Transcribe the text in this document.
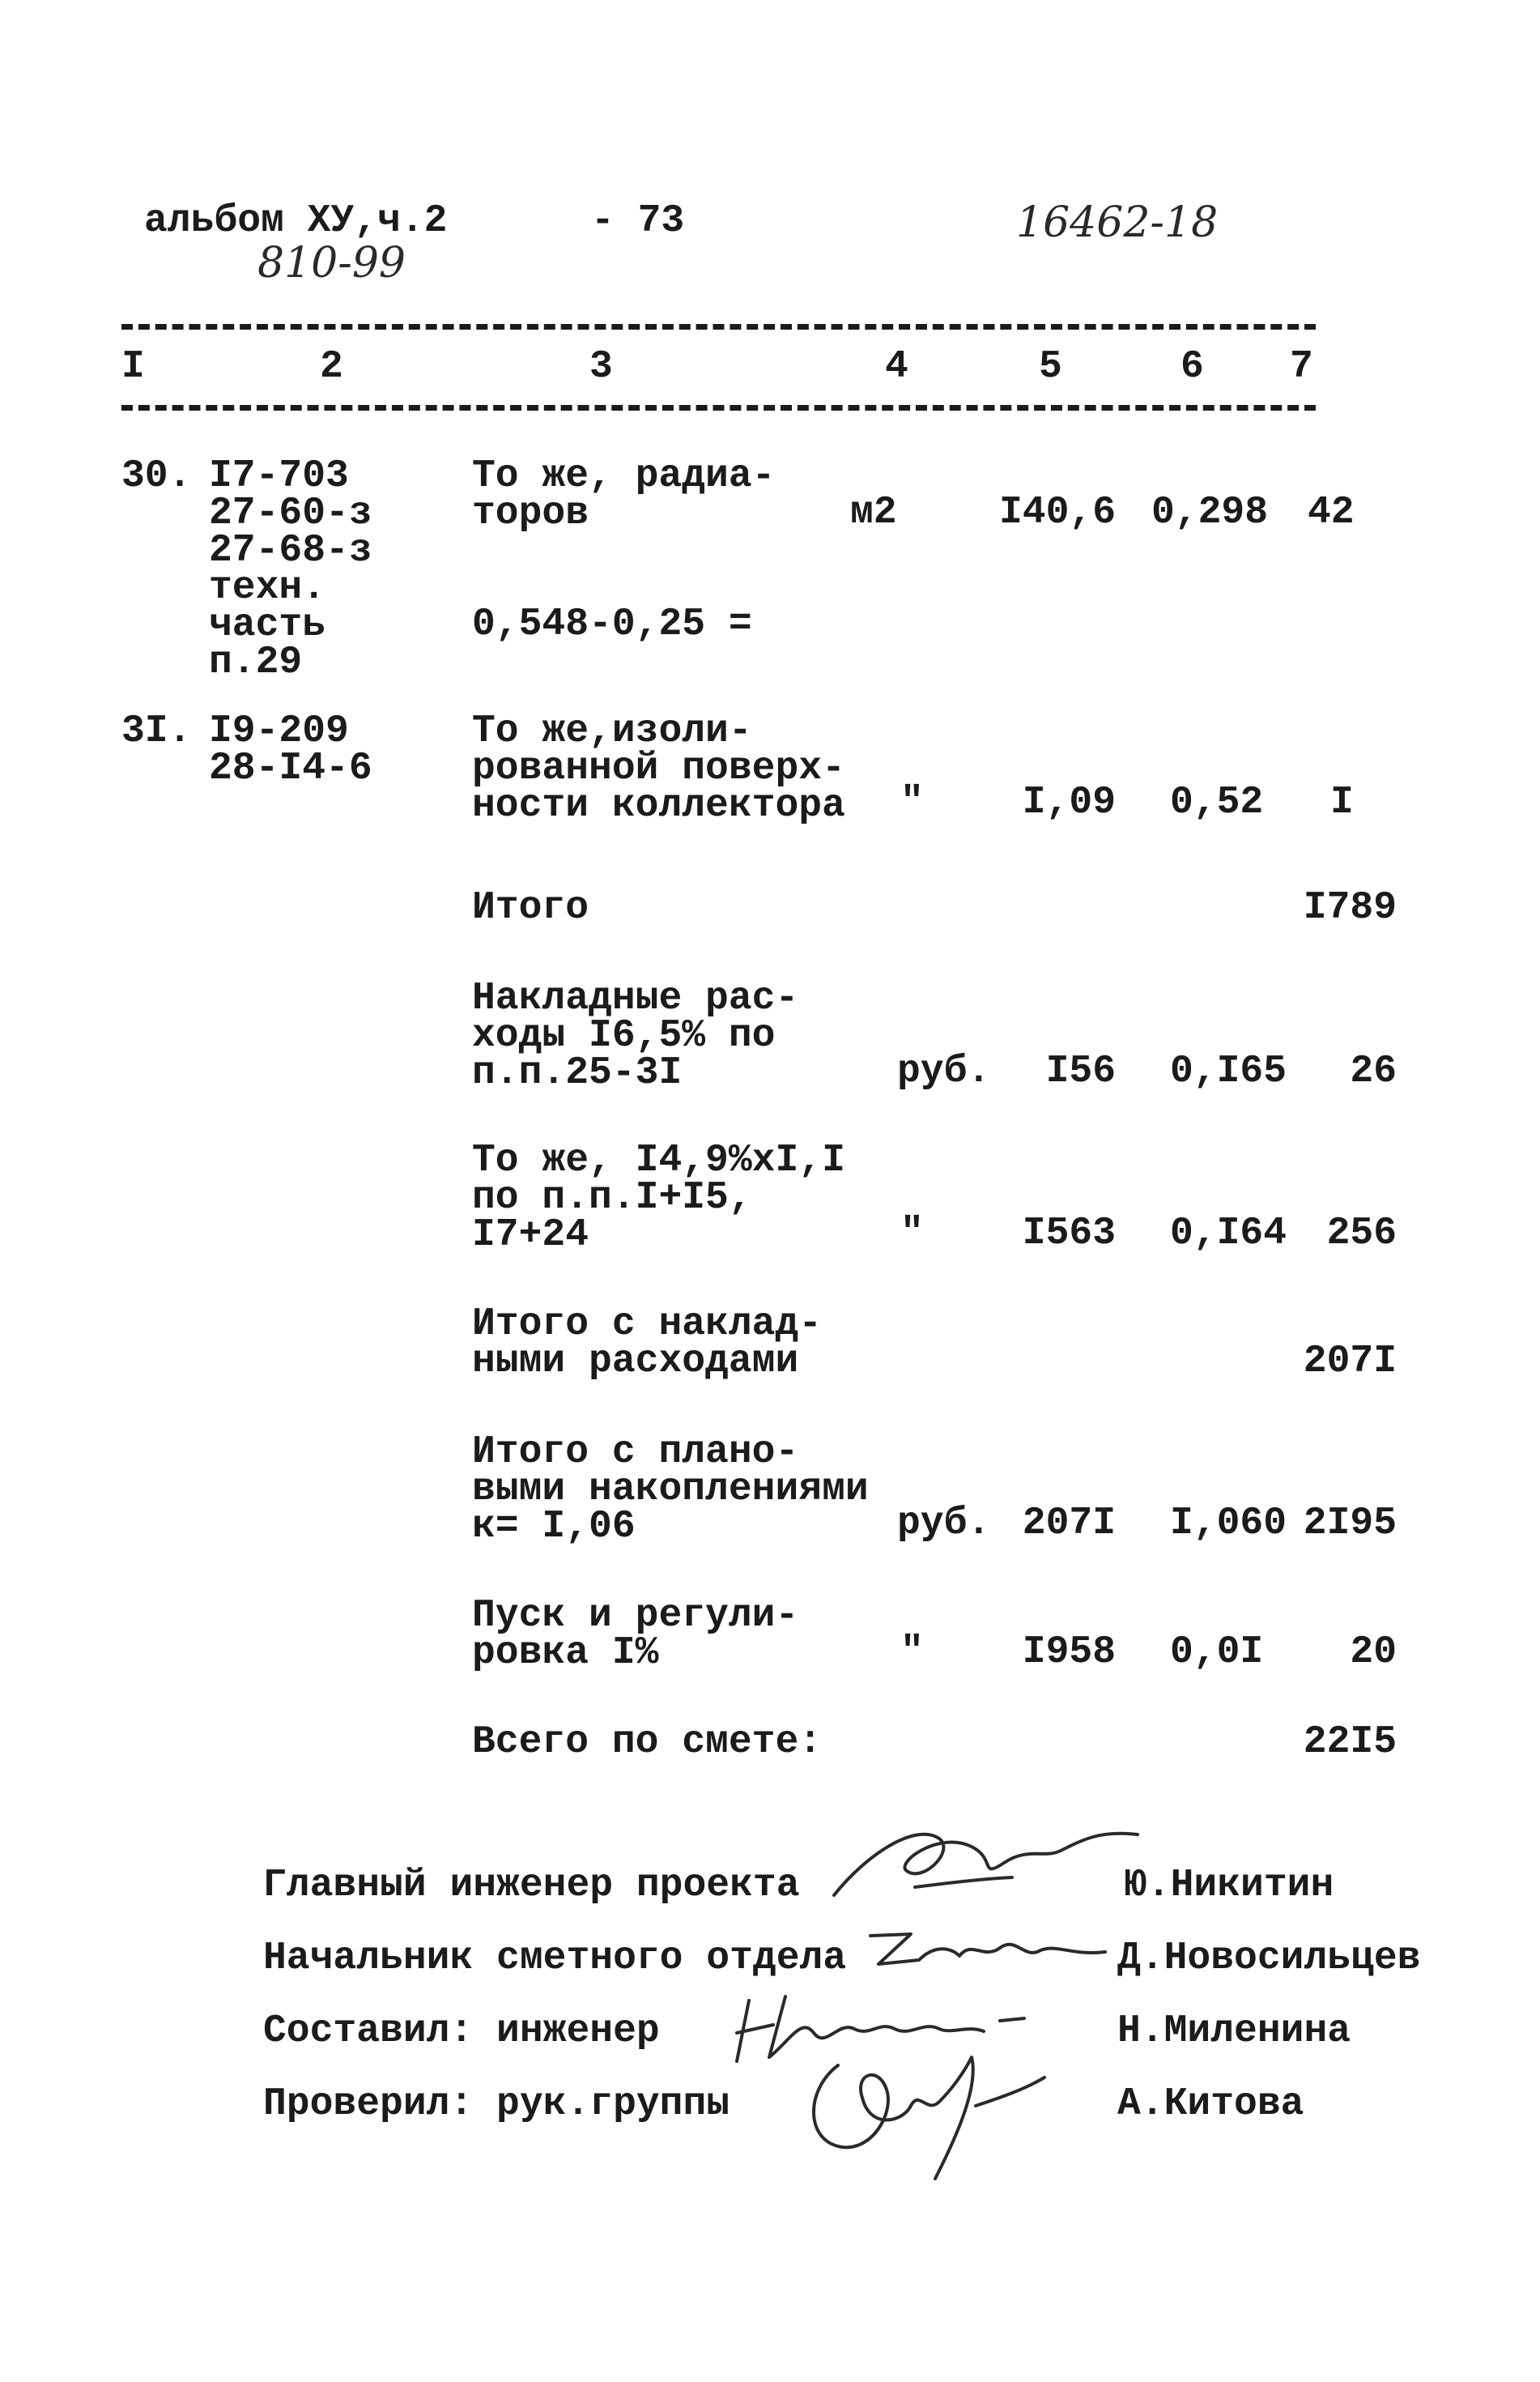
альбом ХУ,ч.2	- 73	16462-18
810-99
I	2	3	4	5	6 7
30. I7-703
27-60-з
27-68-з
техн.
часть
п.29
То же, радиа-
торов	м2	I40,6 0,298 42
0,548-0,25 =
3I. I9-209
28-I4-6
То же,изоли-
рованной поверх-
ности коллектора "	I,09 0,52 I
Итого	I789
Накладные рас-
ходы I6,5% по
п.п.25-3I	руб.	I56 0,I65	26
То же, I4,9%хI,I
по п.п.I+I5,
I7+24	"	I563 0,I64	256
Итого с наклад-
ными расходами	207I
Итого с плано-
выми накоплениями
к= I,06	руб. 207I I,060 2I95
Пуск и регули-
ровка I%	"	I958 0,0I	20
Всего по смете:	22I5
Главный инженер проекта	Ю.Никитин
Начальник сметного отдела	Д.Новосильцев
Составил: инженер	Н.Миленина
Проверил: рук.группы	А.Китова
